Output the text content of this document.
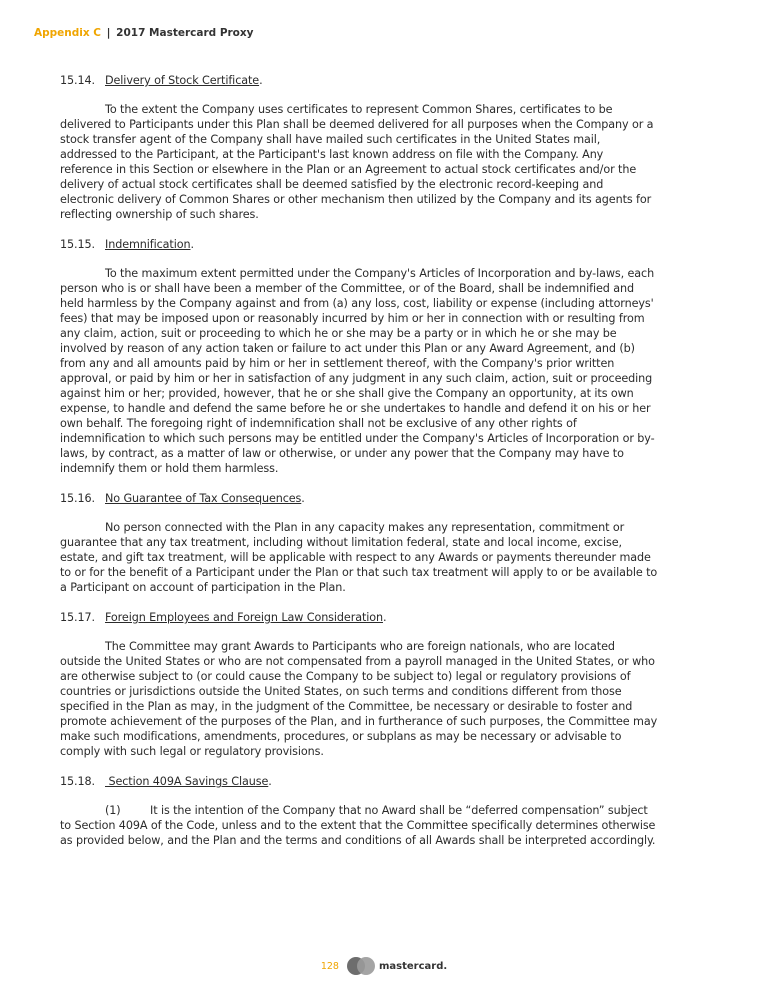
Appendix C | 2017 Mastercard Proxy
15.14. Delivery of Stock Certificate.

To the extent the Company uses certificates to represent Common Shares, certificates to be delivered to Participants under this Plan shall be deemed delivered for all purposes when the Company or a stock transfer agent of the Company shall have mailed such certificates in the United States mail, addressed to the Participant, at the Participant's last known address on file with the Company. Any reference in this Section or elsewhere in the Plan or an Agreement to actual stock certificates and/or the delivery of actual stock certificates shall be deemed satisfied by the electronic record-keeping and electronic delivery of Common Shares or other mechanism then utilized by the Company and its agents for reflecting ownership of such shares.

15.15. Indemnification.

To the maximum extent permitted under the Company's Articles of Incorporation and by-laws, each person who is or shall have been a member of the Committee, or of the Board, shall be indemnified and held harmless by the Company against and from (a) any loss, cost, liability or expense (including attorneys' fees) that may be imposed upon or reasonably incurred by him or her in connection with or resulting from any claim, action, suit or proceeding to which he or she may be a party or in which he or she may be involved by reason of any action taken or failure to act under this Plan or any Award Agreement, and (b) from any and all amounts paid by him or her in settlement thereof, with the Company's prior written approval, or paid by him or her in satisfaction of any judgment in any such claim, action, suit or proceeding against him or her; provided, however, that he or she shall give the Company an opportunity, at its own expense, to handle and defend the same before he or she undertakes to handle and defend it on his or her own behalf. The foregoing right of indemnification shall not be exclusive of any other rights of indemnification to which such persons may be entitled under the Company's Articles of Incorporation or by-laws, by contract, as a matter of law or otherwise, or under any power that the Company may have to indemnify them or hold them harmless.

15.16. No Guarantee of Tax Consequences.

No person connected with the Plan in any capacity makes any representation, commitment or guarantee that any tax treatment, including without limitation federal, state and local income, excise, estate, and gift tax treatment, will be applicable with respect to any Awards or payments thereunder made to or for the benefit of a Participant under the Plan or that such tax treatment will apply to or be available to a Participant on account of participation in the Plan.

15.17. Foreign Employees and Foreign Law Consideration.

The Committee may grant Awards to Participants who are foreign nationals, who are located outside the United States or who are not compensated from a payroll managed in the United States, or who are otherwise subject to (or could cause the Company to be subject to) legal or regulatory provisions of countries or jurisdictions outside the United States, on such terms and conditions different from those specified in the Plan as may, in the judgment of the Committee, be necessary or desirable to foster and promote achievement of the purposes of the Plan, and in furtherance of such purposes, the Committee may make such modifications, amendments, procedures, or subplans as may be necessary or advisable to comply with such legal or regulatory provisions.

15.18. Section 409A Savings Clause.

(1)	It is the intention of the Company that no Award shall be “deferred compensation” subject to Section 409A of the Code, unless and to the extent that the Committee specifically determines otherwise as provided below, and the Plan and the terms and conditions of all Awards shall be interpreted accordingly.

128	mastercard.
